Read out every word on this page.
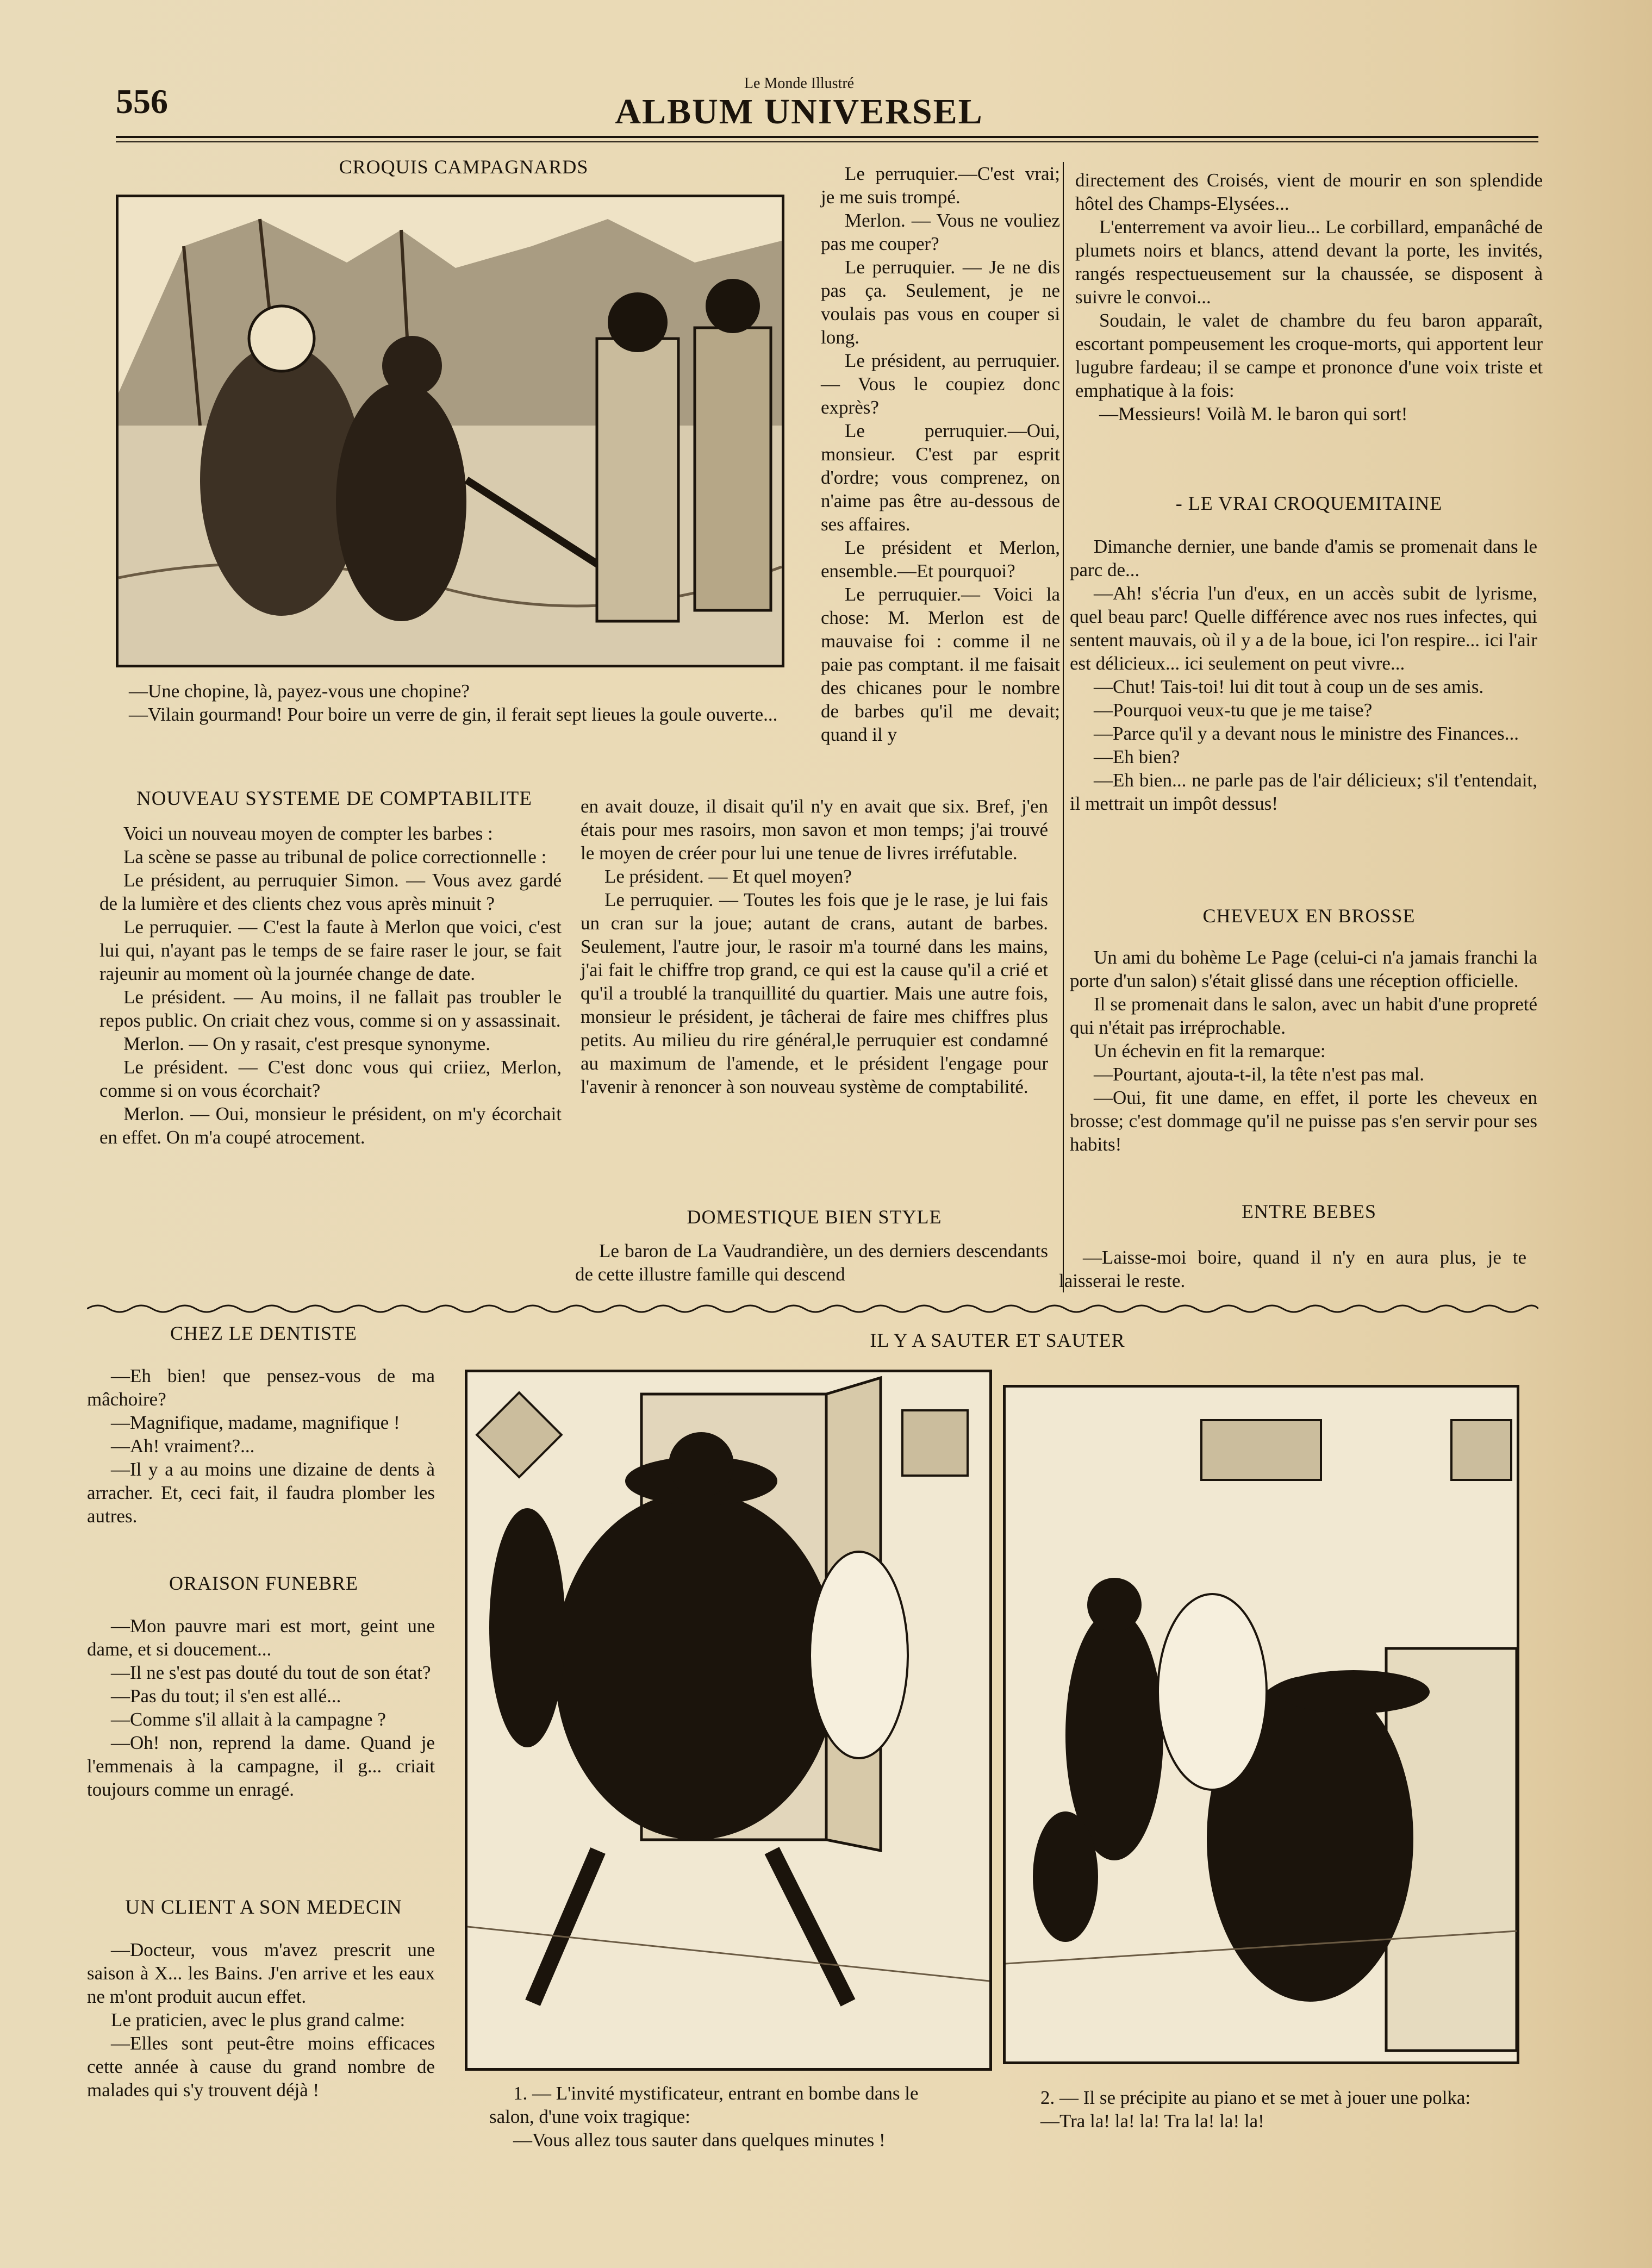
556	Le Monde Illustré
ALBUM UNIVERSEL
CROQUIS CAMPAGNARDS

—Une chopine, là, payez-vous une chopine?

—Vilain gourmand! Pour boire un verre de gin, il ferait sept lieues la goule ouverte...

NOUVEAU SYSTEME DE COMPTABILITE

Voici un nouveau moyen de compter les barbes :

La scène se passe au tribunal de police correctionnelle :

Le président, au perruquier Simon. — Vous avez gardé de la lumière et des clients chez vous après minuit ?

Le perruquier. — C'est la faute à Merlon que voici, c'est lui qui, n'ayant pas le temps de se faire raser le jour, se fait rajeunir au moment où la journée change de date.

Le président. — Au moins, il ne fallait pas troubler le repos public. On criait chez vous, comme si on y assassinait.

Merlon. — On y rasait, c'est presque synonyme.

Le président. — C'est donc vous qui criiez, Merlon, comme si on vous écorchait?

Merlon. — Oui, monsieur le président, on m'y écorchait en effet. On m'a coupé atrocement.

Le perruquier.—C'est vrai; je me suis trompé.

Merlon. — Vous ne vouliez pas me couper?

Le perruquier. — Je ne dis pas ça. Seulement, je ne voulais pas vous en couper si long.

Le président, au perruquier. — Vous le coupiez donc exprès?

Le perruquier.—Oui, monsieur. C'est par esprit d'ordre; vous comprenez, on n'aime pas être au-dessous de ses affaires.

Le président et Merlon, ensemble.—Et pourquoi?

Le perruquier.— Voici la chose: M. Merlon est de mauvaise foi : comme il ne paie pas comptant. il me faisait des chicanes pour le nombre de barbes qu'il me devait; quand il y

en avait douze, il disait qu'il n'y en avait que six. Bref, j'en étais pour mes rasoirs, mon savon et mon temps; j'ai trouvé le moyen de créer pour lui une tenue de livres irréfutable.

Le président. — Et quel moyen?

Le perruquier. — Toutes les fois que je le rase, je lui fais un cran sur la joue; autant de crans, autant de barbes. Seulement, l'autre jour, le rasoir m'a tourné dans les mains, j'ai fait le chiffre trop grand, ce qui est la cause qu'il a crié et qu'il a troublé la tranquillité du quartier. Mais une autre fois, monsieur le président, je tâcherai de faire mes chiffres plus petits. Au milieu du rire général,le perruquier est condamné au maximum de l'amende, et le président l'engage pour l'avenir à renoncer à son nouveau système de comptabilité.

DOMESTIQUE BIEN STYLE

Le baron de La Vaudrandière, un des derniers descendants de cette illustre famille qui descend

directement des Croisés, vient de mourir en son splendide hôtel des Champs-Elysées...

L'enterrement va avoir lieu... Le corbillard, empanâché de plumets noirs et blancs, attend devant la porte, les invités, rangés respectueusement sur la chaussée, se disposent à suivre le convoi...

Soudain, le valet de chambre du feu baron apparaît, escortant pompeusement les croque-morts, qui apportent leur lugubre fardeau; il se campe et prononce d'une voix triste et emphatique à la fois:

—Messieurs! Voilà M. le baron qui sort!

- LE VRAI CROQUEMITAINE

Dimanche dernier, une bande d'amis se promenait dans le parc de...

—Ah! s'écria l'un d'eux, en un accès subit de lyrisme, quel beau parc! Quelle différence avec nos rues infectes, qui sentent mauvais, où il y a de la boue, ici l'on respire... ici l'air est délicieux... ici seulement on peut vivre...

—Chut! Tais-toi! lui dit tout à coup un de ses amis.

—Pourquoi veux-tu que je me taise?

—Parce qu'il y a devant nous le ministre des Finances...

—Eh bien?

—Eh bien... ne parle pas de l'air délicieux; s'il t'entendait, il mettrait un impôt dessus!

CHEVEUX EN BROSSE

Un ami du bohème Le Page (celui-ci n'a jamais franchi la porte d'un salon) s'était glissé dans une réception officielle.

Il se promenait dans le salon, avec un habit d'une propreté qui n'était pas irréprochable.

Un échevin en fit la remarque:

—Pourtant, ajouta-t-il, la tête n'est pas mal.

—Oui, fit une dame, en effet, il porte les cheveux en brosse; c'est dommage qu'il ne puisse pas s'en servir pour ses habits!

ENTRE BEBES

—Laisse-moi boire, quand il n'y en aura plus, je te laisserai le reste.

CHEZ LE DENTISTE

—Eh bien! que pensez-vous de ma mâchoire?

—Magnifique, madame, magnifique !

—Ah! vraiment?...

—Il y a au moins une dizaine de dents à arracher. Et, ceci fait, il faudra plomber les autres.

ORAISON FUNEBRE

—Mon pauvre mari est mort, geint une dame, et si doucement...

—Il ne s'est pas douté du tout de son état?

—Pas du tout; il s'en est allé...

—Comme s'il allait à la campagne ?

—Oh! non, reprend la dame. Quand je l'emmenais à la campagne, il g... criait toujours comme un enragé.

UN CLIENT A SON MEDECIN

—Docteur, vous m'avez prescrit une saison à X... les Bains. J'en arrive et les eaux ne m'ont produit aucun effet.

Le praticien, avec le plus grand calme:

—Elles sont peut-être moins efficaces cette année à cause du grand nombre de malades qui s'y trouvent déjà !

IL Y A SAUTER ET SAUTER

1. — L'invité mystificateur, entrant en bombe dans le salon, d'une voix tragique:

—Vous allez tous sauter dans quelques minutes !

2. — Il se précipite au piano et se met à jouer une polka:

—Tra la! la! la! Tra la! la! la!
